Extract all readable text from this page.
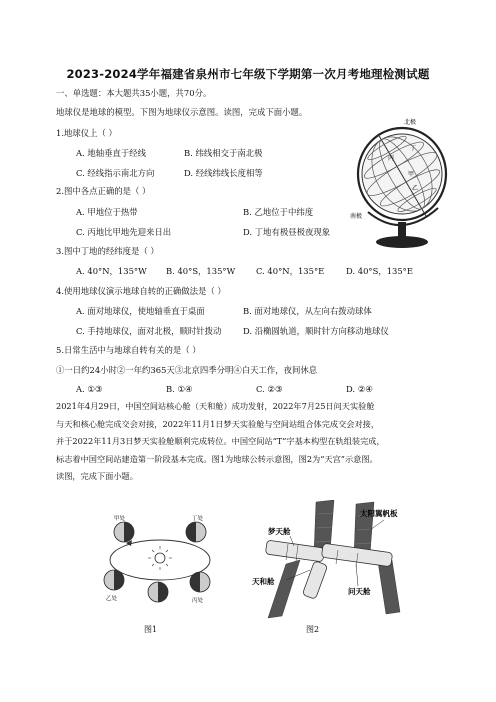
2023-2024学年福建省泉州市七年级下学期第一次月考地理检测试题
一、单选题：本大题共35小题，共70分。
地球仪是地球的模型。下图为地球仪示意图。读图，完成下面小题。
1.地球仪上（ ）
A. 地轴垂直于经线	B. 纬线相交于南北极
C. 经线指示南北方向	D. 经线纬线长度相等
2.图中各点正确的是（ ）
A. 甲地位于热带	B. 乙地位于中纬度
C. 丙地比甲地先迎来日出	D. 丁地有极昼极夜现象
3.图中丁地的经纬度是（ ）
A. 40°N，135°W B. 40°S，135°W C. 40°N，135°E	D. 40°S，135°E
4.使用地球仪演示地球自转的正确做法是（ ）
A. 面对地球仪，使地轴垂直于桌面	B. 面对地球仪，从左向右拨动球体
C. 手持地球仪，面对北极，顺时针拨动	D. 沿椭圆轨道，顺时针方向移动地球仪
5.日常生活中与地球自转有关的是（ ）
①一日约24小时②一年约365天③北京四季分明④白天工作，夜间休息
A. ①③	B. ①④	C. ②③	D. ②④
2021年4月29日，中国空间站核心舱（天和舱）成功发射，2022年7月25日问天实验舱
与天和核心舱完成交会对接，2022年11月1日梦天实验舱与空间站组合体完成交会对接，
并于2022年11月3日梦天实验舱顺利完成转位。中国空间站“T”字基本构型在轨组装完成，
标志着中国空间站建造第一阶段基本完成。图1为地球公转示意图，图2为“天宫”示意图。
读图，完成下面小题。
北极
南极
甲
乙
丙
丁
甲处	丁处
乙处	丙处
太阳翼帆板
梦天舱
天和舱
问天舱
图1	图2
